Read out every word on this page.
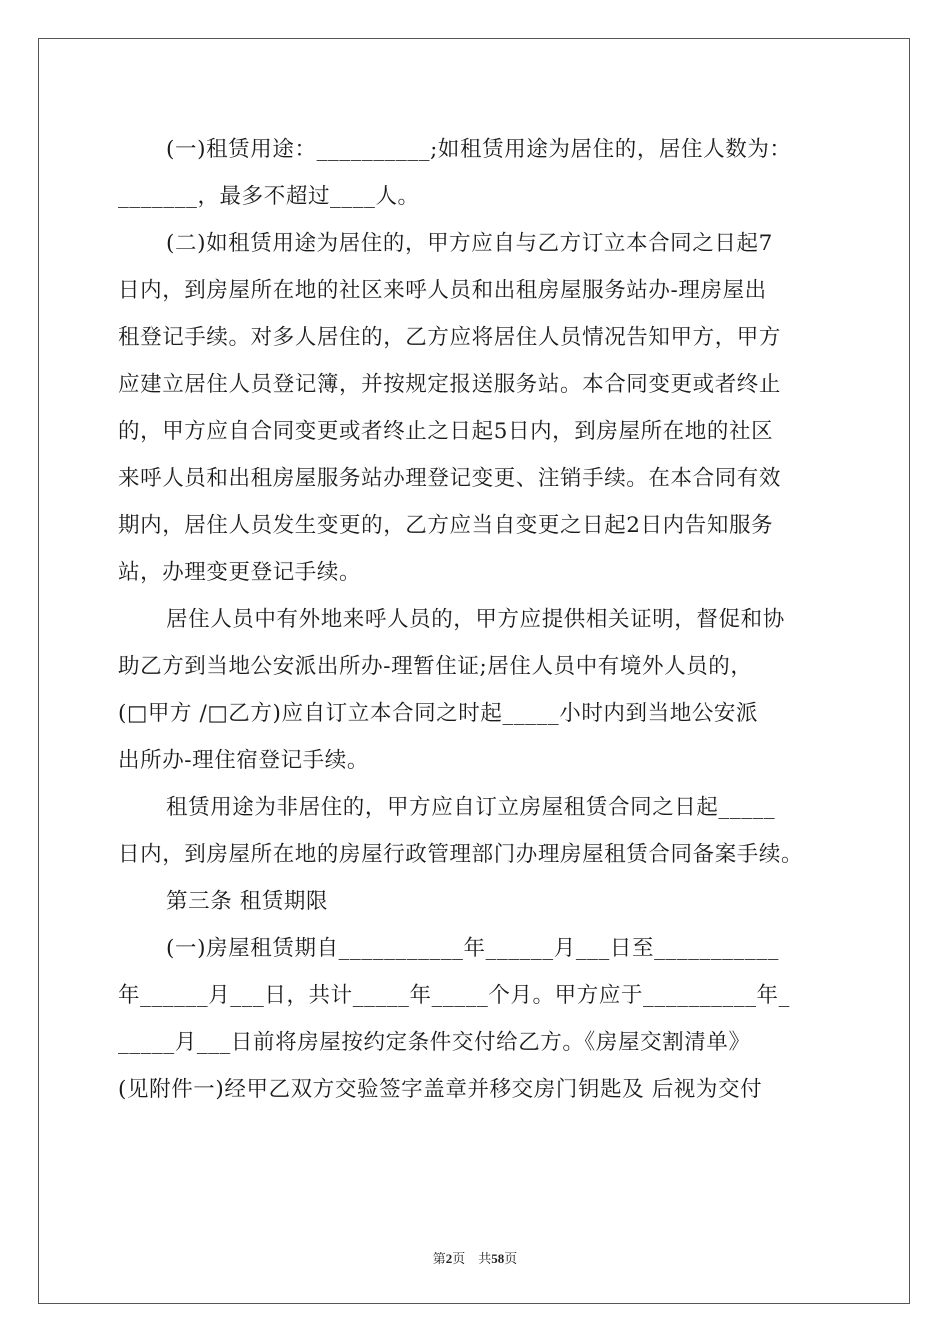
(一)租赁用途：__________;如租赁用途为居住的，居住人数为：
_______，最多不超过____人。
(二)如租赁用途为居住的，甲方应自与乙方订立本合同之日起7
日内，到房屋所在地的社区来呼人员和出租房屋服务站办-理房屋出
租登记手续。对多人居住的，乙方应将居住人员情况告知甲方，甲方
应建立居住人员登记簿，并按规定报送服务站。本合同变更或者终止
的，甲方应自合同变更或者终止之日起5日内，到房屋所在地的社区
来呼人员和出租房屋服务站办理登记变更、注销手续。在本合同有效
期内，居住人员发生变更的，乙方应当自变更之日起2日内告知服务
站，办理变更登记手续。
居住人员中有外地来呼人员的，甲方应提供相关证明，督促和协
助乙方到当地公安派出所办-理暂住证;居住人员中有境外人员的，
(□甲方 /□乙方)应自订立本合同之时起_____小时内到当地公安派
出所办-理住宿登记手续。
租赁用途为非居住的，甲方应自订立房屋租赁合同之日起_____
日内，到房屋所在地的房屋行政管理部门办理房屋租赁合同备案手续。
第三条 租赁期限
(一)房屋租赁期自___________年______月___日至___________
年______月___日，共计_____年_____个月。甲方应于__________年_
_____月___日前将房屋按约定条件交付给乙方。《房屋交割清单》
(见附件一)经甲乙双方交验签字盖章并移交房门钥匙及 后视为交付
第2页　共58页
